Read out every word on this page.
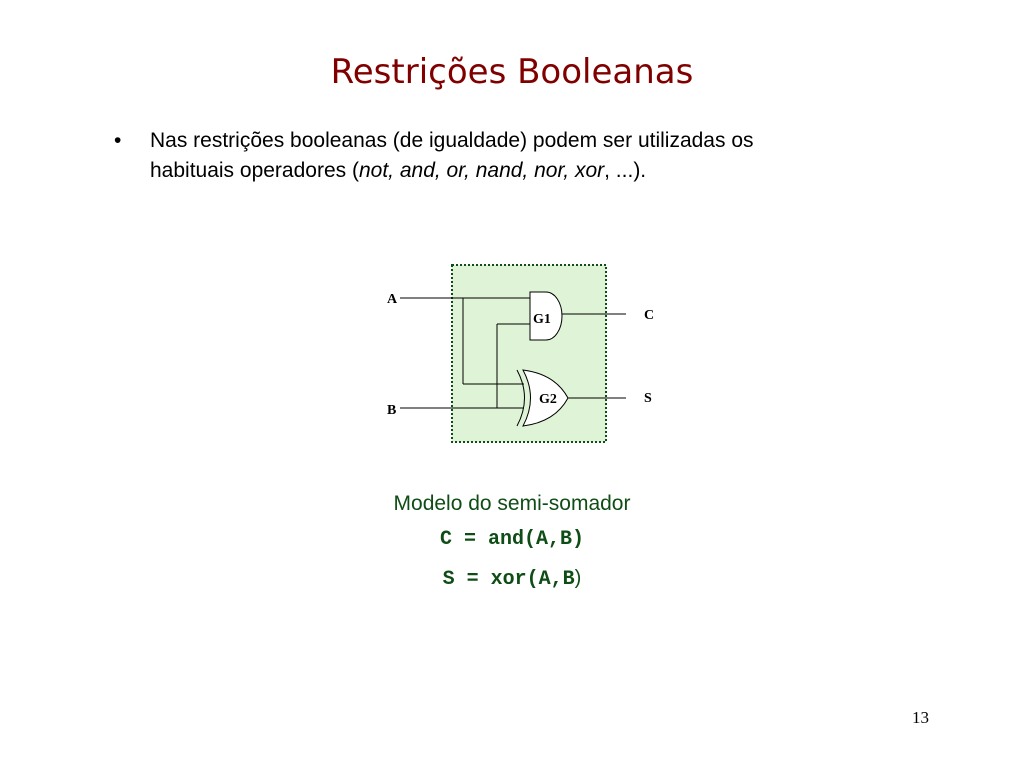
Restrições Booleanas
• Nas restrições booleanas (de igualdade) podem ser utilizadas os
habituais operadores (not, and, or, nand, nor, xor, ...).
A
B
C
S
G1
G2
Modelo do semi-somador
C = and(A,B)
S = xor(A,B)
13
